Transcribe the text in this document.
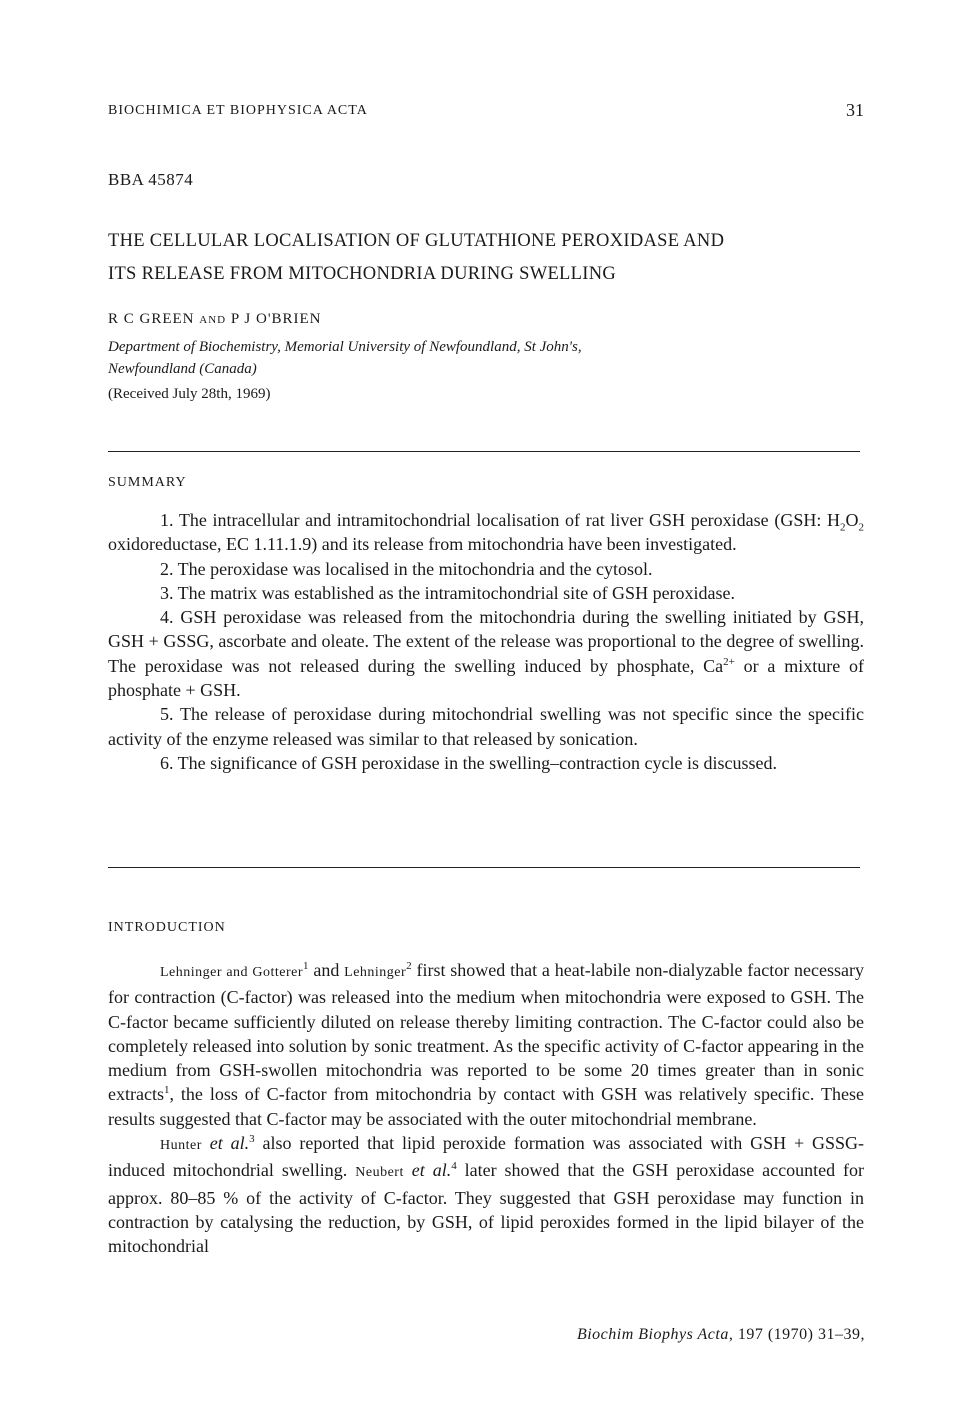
BIOCHIMICA ET BIOPHYSICA ACTA	31
BBA 45874
THE CELLULAR LOCALISATION OF GLUTATHIONE PEROXIDASE AND
ITS RELEASE FROM MITOCHONDRIA DURING SWELLING
R C GREEN AND P J O'BRIEN
Department of Biochemistry, Memorial University of Newfoundland, St John's,
Newfoundland (Canada)
(Received July 28th, 1969)
SUMMARY

1. The intracellular and intramitochondrial localisation of rat liver GSH peroxidase (GSH: $H_2O_2$ oxidoreductase, EC 1.11.1.9) and its release from mitochondria have been investigated.

2. The peroxidase was localised in the mitochondria and the cytosol.

3. The matrix was established as the intramitochondrial site of GSH peroxidase.

4. GSH peroxidase was released from the mitochondria during the swelling initiated by GSH, GSH + GSSG, ascorbate and oleate. The extent of the release was proportional to the degree of swelling. The peroxidase was not released during the swelling induced by phosphate, $Ca^{2+}$ or a mixture of phosphate + GSH.

5. The release of peroxidase during mitochondrial swelling was not specific since the specific activity of the enzyme released was similar to that released by sonication.

6. The significance of GSH peroxidase in the swelling–contraction cycle is discussed.

INTRODUCTION

Lehninger and Gotterer$^1$ and Lehninger$^2$ first showed that a heat-labile non-dialyzable factor necessary for contraction (C-factor) was released into the medium when mitochondria were exposed to GSH. The C-factor became sufficiently diluted on release thereby limiting contraction. The C-factor could also be completely released into solution by sonic treatment. As the specific activity of C-factor appearing in the medium from GSH-swollen mitochondria was reported to be some 20 times greater than in sonic extracts$^1$, the loss of C-factor from mitochondria by contact with GSH was relatively specific. These results suggested that C-factor may be associated with the outer mitochondrial membrane.

Hunter et al.$^3$ also reported that lipid peroxide formation was associated with GSH + GSSG-induced mitochondrial swelling. Neubert et al.$^4$ later showed that the GSH peroxidase accounted for approx. 80–85 % of the activity of C-factor. They suggested that GSH peroxidase may function in contraction by catalysing the reduction, by GSH, of lipid peroxides formed in the lipid bilayer of the mitochondrial

Biochim Biophys Acta, 197 (1970) 31–39,
